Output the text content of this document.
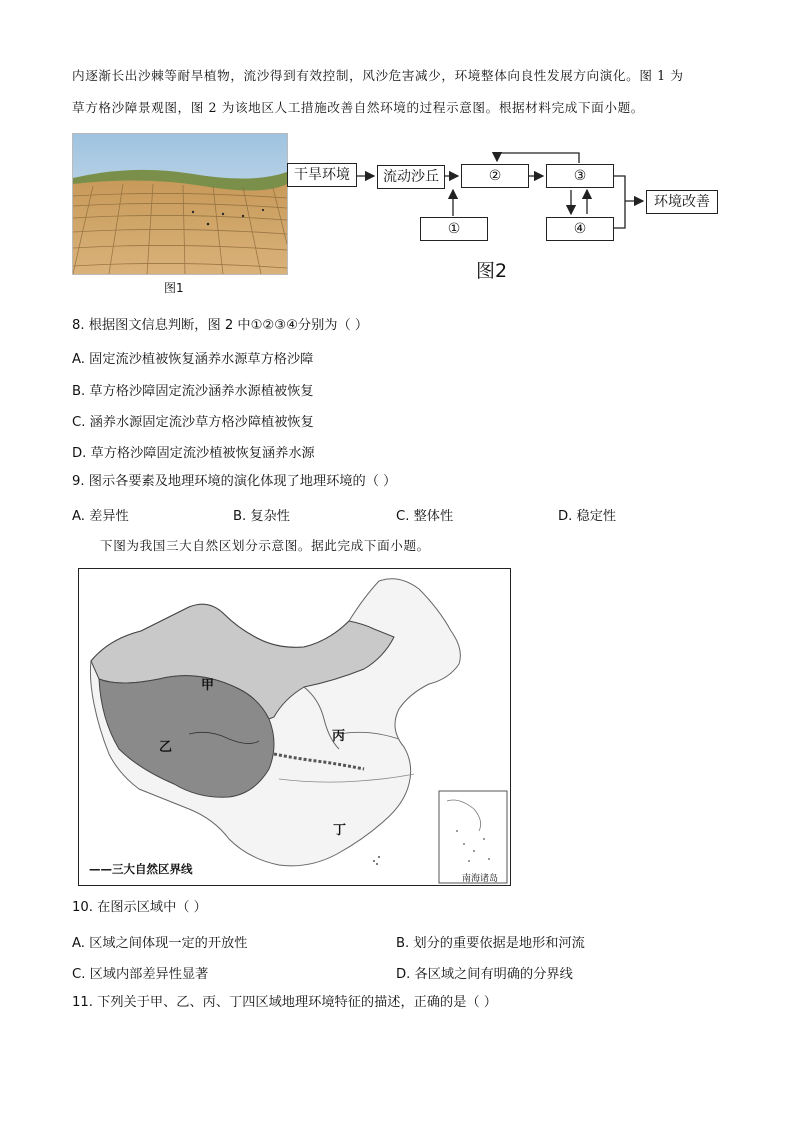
内逐渐长出沙棘等耐旱植物，流沙得到有效控制，风沙危害减少，环境整体向良性发展方向演化。图 1 为
草方格沙障景观图，图 2 为该地区人工措施改善自然环境的过程示意图。根据材料完成下面小题。
图1
干旱环境	流动沙丘	②	③
①	④
环境改善
图2
8. 根据图文信息判断，图 2 中①②③④分别为（ ）
A. 固定流沙植被恢复涵养水源草方格沙障
B. 草方格沙障固定流沙涵养水源植被恢复
C. 涵养水源固定流沙草方格沙障植被恢复
D. 草方格沙障固定流沙植被恢复涵养水源
9. 图示各要素及地理环境的演化体现了地理环境的（ ）
A. 差异性	B. 复杂性	C. 整体性	D. 稳定性
下图为我国三大自然区划分示意图。据此完成下面小题。
甲
乙
丙
丁
——三大自然区界线
南海诸岛
10. 在图示区域中（ ）
A. 区域之间体现一定的开放性	B. 划分的重要依据是地形和河流
C. 区域内部差异性显著	D. 各区域之间有明确的分界线
11. 下列关于甲、乙、丙、丁四区域地理环境特征的描述，正确的是（ ）
